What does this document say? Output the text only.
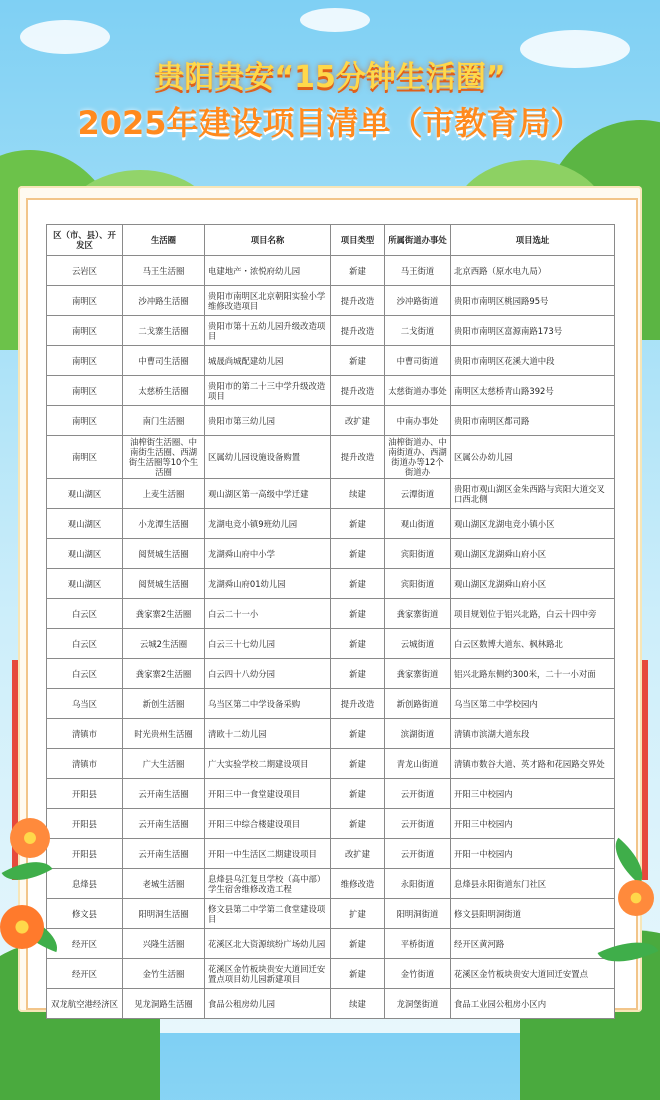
贵阳贵安“15分钟生活圈”
2025年建设项目清单（市教育局）
区（市、县）、开发区	生活圈	项目名称	项目类型	所属街道办事处	项目选址
云岩区	马王生活圈	电建地产・浓悦府幼儿园	新建	马王街道	北京西路（原水电九局）
南明区	沙冲路生活圈	贵阳市南明区北京朝阳实验小学维修改造项目	提升改造	沙冲路街道	贵阳市南明区桃园路95号
南明区	二戈寨生活圈	贵阳市第十五幼儿园升级改造项目	提升改造	二戈街道	贵阳市南明区富源南路173号
南明区	中曹司生活圈	城晟尚城配建幼儿园	新建	中曹司街道	贵阳市南明区花溪大道中段
南明区	太慈桥生活圈	贵阳市的第二十三中学升级改造项目	提升改造	太慈街道办事处	南明区太慈桥青山路392号
南明区	南门生活圈	贵阳市第三幼儿园	改扩建	中南办事处	贵阳市南明区都司路
南明区	油榨街生活圈、中南街生活圈、西湖街生活圈等10个生活圈	区属幼儿园设施设备购置	提升改造	油榨街道办、中南街道办、西湖街道办等12个街道办	区属公办幼儿园
观山湖区	上麦生活圈	观山湖区第一高级中学迁建	续建	云潭街道	贵阳市观山湖区金朱西路与宾阳大道交叉口西北侧
观山湖区	小龙潭生活圈	龙湖电竞小镇9班幼儿园	新建	观山街道	观山湖区龙湖电竞小镇小区
观山湖区	阅贤城生活圈	龙湖舜山府中小学	新建	宾阳街道	观山湖区龙湖舜山府小区
观山湖区	阅贤城生活圈	龙湖舜山府01幼儿园	新建	宾阳街道	观山湖区龙湖舜山府小区
白云区	龚家寨2生活圈	白云二十一小	新建	龚家寨街道	项目规划位于铝兴北路，白云十四中旁
白云区	云城2生活圈	白云三十七幼儿园	新建	云城街道	白云区数博大道东、枫林路北
白云区	龚家寨2生活圈	白云四十八幼分园	新建	龚家寨街道	铝兴北路东侧约300米，二十一小对面
乌当区	新创生活圈	乌当区第二中学设备采购	提升改造	新创路街道	乌当区第二中学校园内
清镇市	时光贵州生活圈	清欧十二幼儿园	新建	滨湖街道	清镇市滨湖大道东段
清镇市	广大生活圈	广大实验学校二期建设项目	新建	青龙山街道	清镇市数谷大道、英才路和花园路交界处
开阳县	云开南生活圈	开阳三中一食堂建设项目	新建	云开街道	开阳三中校园内
开阳县	云开南生活圈	开阳三中综合楼建设项目	新建	云开街道	开阳三中校园内
开阳县	云开南生活圈	开阳一中生活区二期建设项目	改扩建	云开街道	开阳一中校园内
息烽县	老城生活圈	息烽县乌江复旦学校（高中部）学生宿舍维修改造工程	维修改造	永阳街道	息烽县永阳街道东门社区
修文县	阳明洞生活圈	修文县第二中学第二食堂建设项目	扩建	阳明洞街道	修文县阳明洞街道
经开区	兴隆生活圈	花溪区北大资源缤纷广场幼儿园	新建	平桥街道	经开区黄河路
经开区	金竹生活圈	花溪区金竹板块贵安大道回迁安置点项目幼儿园新建项目	新建	金竹街道	花溪区金竹板块贵安大道回迁安置点
双龙航空港经济区	见龙洞路生活圈	食品公租房幼儿园	续建	龙洞堡街道	食品工业园公租房小区内
